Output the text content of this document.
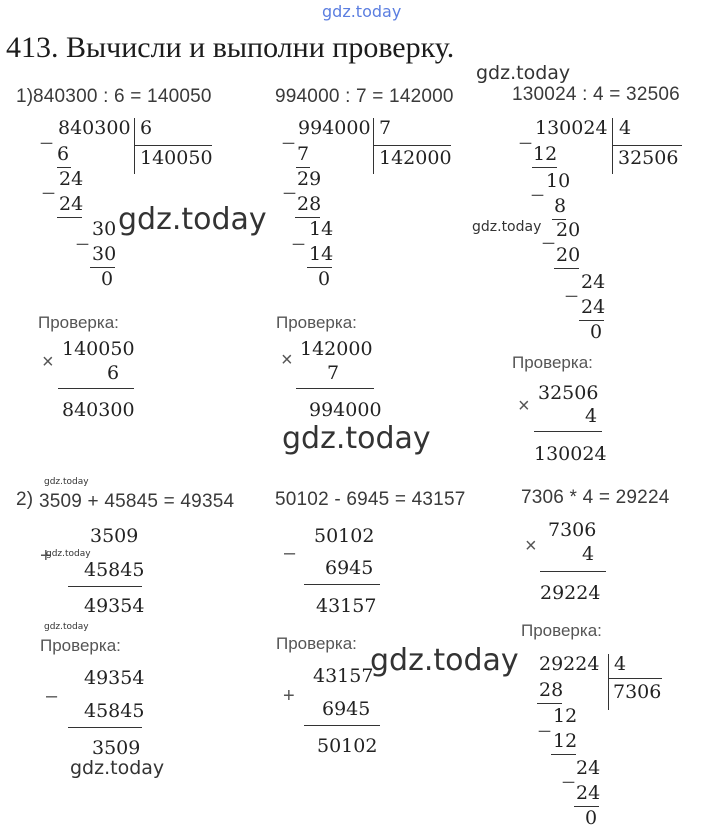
gdz.today
413. Вычисли и выполни проверку.
gdz.today
1) 840300 : 6 = 140050	994000 : 7 = 142000	130024 : 4 = 32506
_ 840300 6
140050
6
_ 24
24
_ 30
30
0
gdz.today
_ 994000 7
142000
7
_ 29
28
_ 14
14
0
_ 130024 4
32506
12
_ 10
8
_ 20
20
_ 24
24
0
gdz.today
Проверка:
×
140050
6
840300
Проверка:
× 142000
7
994000
gdz.today
Проверка:
×
32506
4
130024
gdz.today
2) 3509 + 45845 = 49354 50102 - 6945 = 43157	7306 * 4 = 29224
+
3509
45845
49354
gdz.today	–
50102
6945
43157
×
7306
4
29224
gdz.today
Проверка:
–
49354
45845
3509
gdz.today
Проверка:
+
43157
6945
50102
Проверка:
29224 4
7306
28
_ 12
12
_ 24
24
0
gdz.today
